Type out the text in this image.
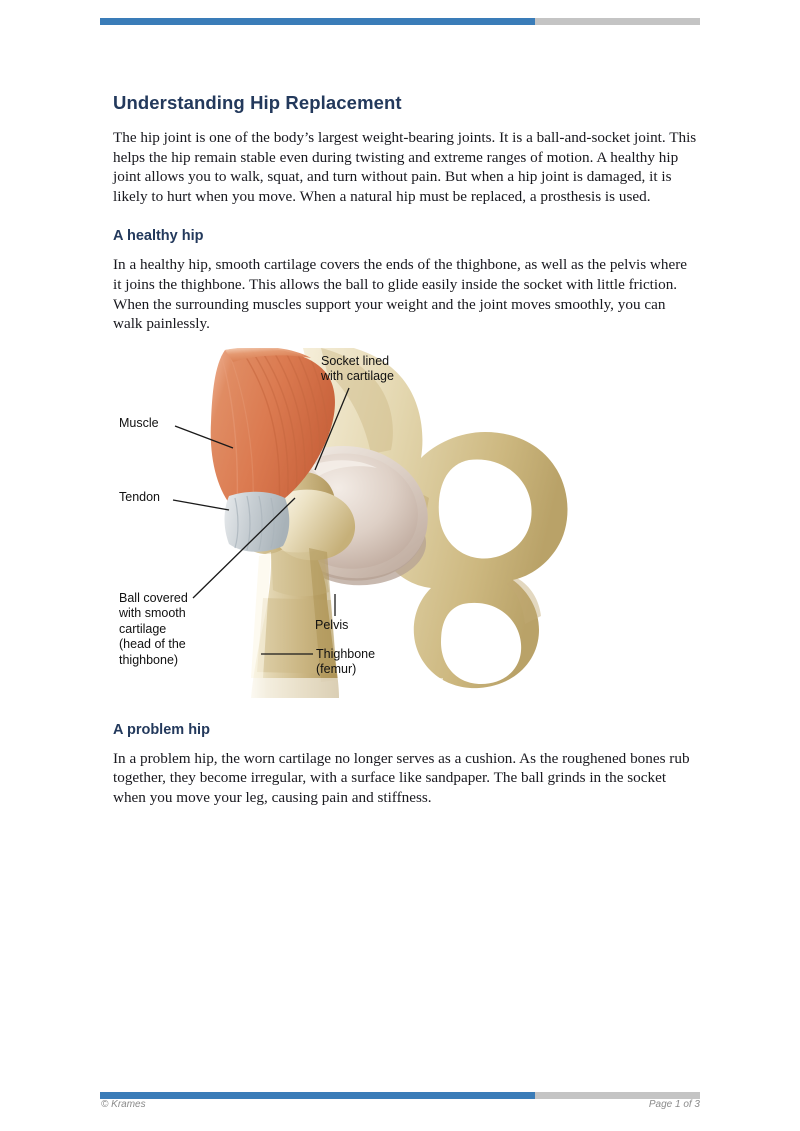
Understanding Hip Replacement

The hip joint is one of the body’s largest weight-bearing joints. It is a ball-and-socket joint. This helps the hip remain stable even during twisting and extreme ranges of motion. A healthy hip joint allows you to walk, squat, and turn without pain. But when a hip joint is damaged, it is likely to hurt when you move. When a natural hip must be replaced, a prosthesis is used.

A healthy hip

In a healthy hip, smooth cartilage covers the ends of the thighbone, as well as the pelvis where it joins the thighbone. This allows the ball to glide easily inside the socket with little friction. When the surrounding muscles support your weight and the joint moves smoothly, you can walk painlessly.

Muscle
Tendon
Socket lined
with cartilage
Ball covered
with smooth
cartilage
(head of the
thighbone)
Pelvis
Thighbone
(femur)
A problem hip

In a problem hip, the worn cartilage no longer serves as a cushion. As the roughened bones rub together, they become irregular, with a surface like sandpaper. The ball grinds in the socket when you move your leg, causing pain and stiffness.

© Krames	Page 1 of 3
